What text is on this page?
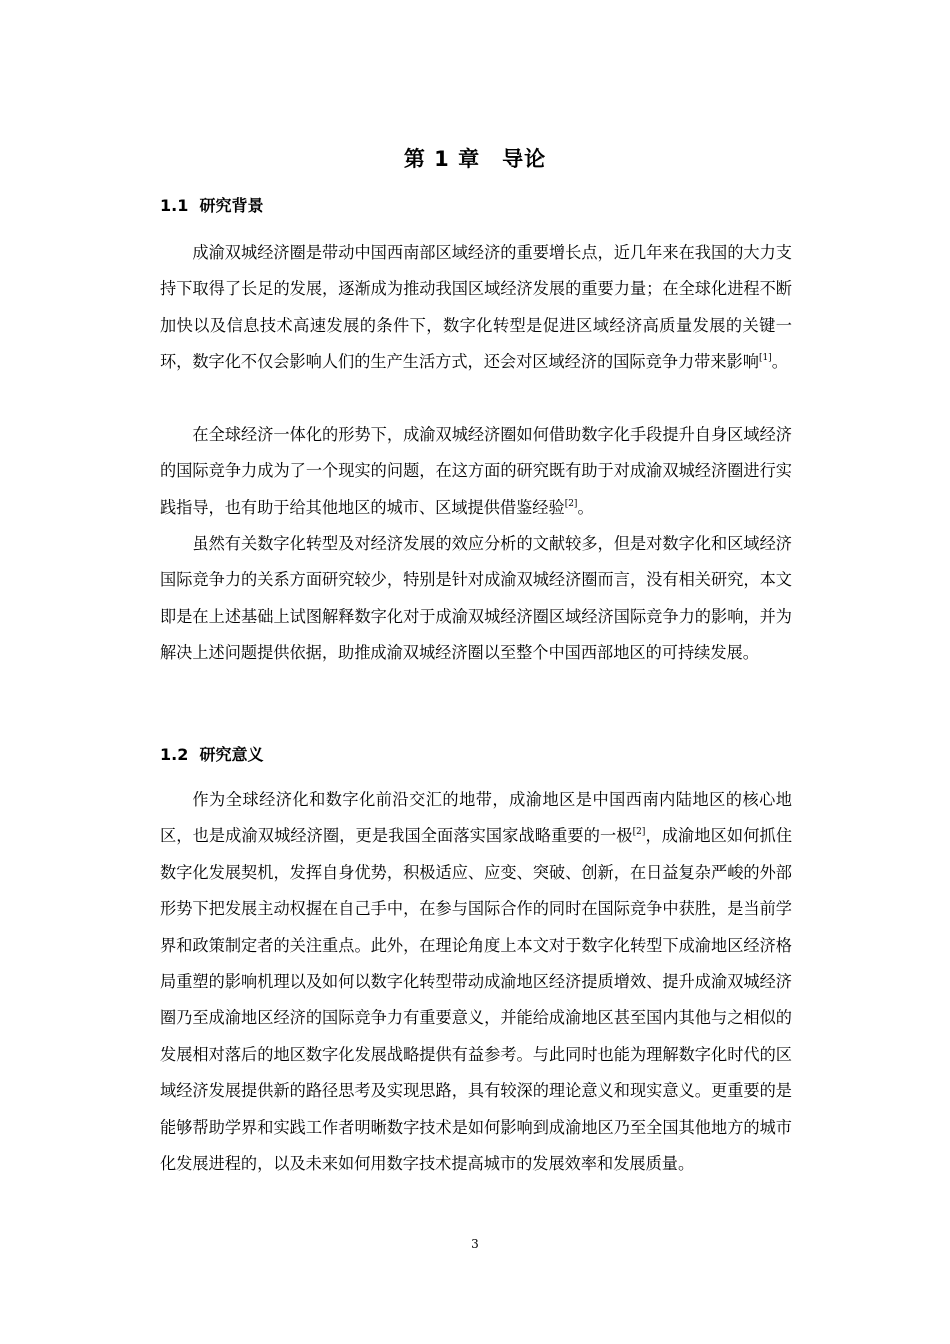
第 1 章　导论
1.1  研究背景

成渝双城经济圈是带动中国西南部区域经济的重要增长点，近几年来在我国的大力支持下取得了长足的发展，逐渐成为推动我国区域经济发展的重要力量；在全球化进程不断加快以及信息技术高速发展的条件下，数字化转型是促进区域经济高质量发展的关键一环，数字化不仅会影响人们的生产生活方式，还会对区域经济的国际竞争力带来影响[1]。

在全球经济一体化的形势下，成渝双城经济圈如何借助数字化手段提升自身区域经济的国际竞争力成为了一个现实的问题，在这方面的研究既有助于对成渝双城经济圈进行实践指导，也有助于给其他地区的城市、区域提供借鉴经验[2]。

虽然有关数字化转型及对经济发展的效应分析的文献较多，但是对数字化和区域经济国际竞争力的关系方面研究较少，特别是针对成渝双城经济圈而言，没有相关研究，本文即是在上述基础上试图解释数字化对于成渝双城经济圈区域经济国际竞争力的影响，并为解决上述问题提供依据，助推成渝双城经济圈以至整个中国西部地区的可持续发展。

1.2  研究意义

作为全球经济化和数字化前沿交汇的地带，成渝地区是中国西南内陆地区的核心地区，也是成渝双城经济圈，更是我国全面落实国家战略重要的一极[2]，成渝地区如何抓住数字化发展契机，发挥自身优势，积极适应、应变、突破、创新，在日益复杂严峻的外部形势下把发展主动权握在自己手中，在参与国际合作的同时在国际竞争中获胜，是当前学界和政策制定者的关注重点。此外，在理论角度上本文对于数字化转型下成渝地区经济格局重塑的影响机理以及如何以数字化转型带动成渝地区经济提质增效、提升成渝双城经济圈乃至成渝地区经济的国际竞争力有重要意义，并能给成渝地区甚至国内其他与之相似的发展相对落后的地区数字化发展战略提供有益参考。与此同时也能为理解数字化时代的区域经济发展提供新的路径思考及实现思路，具有较深的理论意义和现实意义。更重要的是能够帮助学界和实践工作者明晰数字技术是如何影响到成渝地区乃至全国其他地方的城市化发展进程的，以及未来如何用数字技术提高城市的发展效率和发展质量。

3
